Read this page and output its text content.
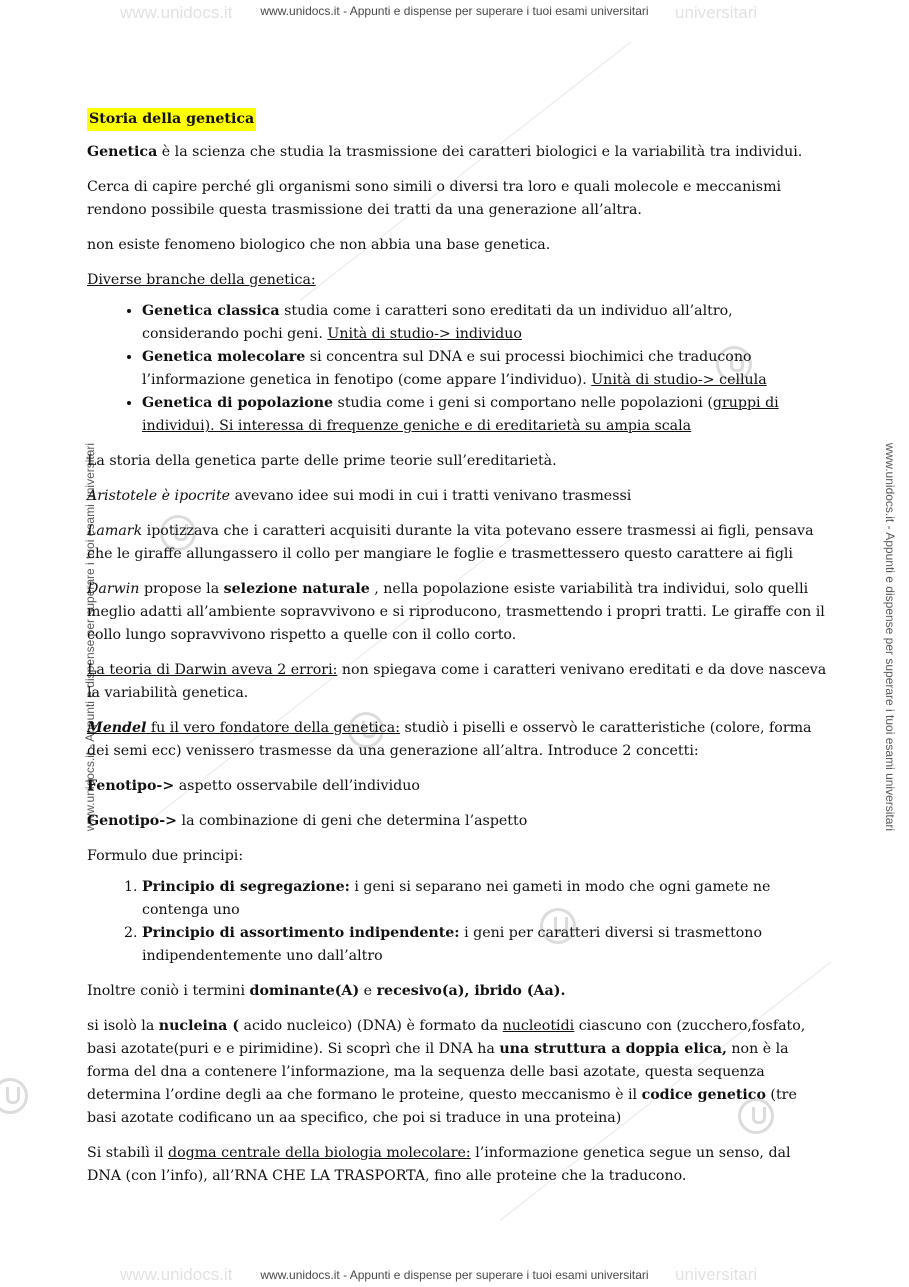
www.unidocs.it	universitari
www.unidocs.it - Appunti e dispense per superare i tuoi esami universitari
www.unidocs.it	universitari
www.unidocs.it - Appunti e dispense per superare i tuoi esami universitari
www.unidocs.it - Appunti e dispense per superare i tuoi esami universitari	www.unidocs.it - Appunti e dispense per superare i tuoi esami universitari

Storia della genetica

Genetica è la scienza che studia la trasmissione dei caratteri biologici e la variabilità tra individui.

Cerca di capire perché gli organismi sono simili o diversi tra loro e quali molecole e meccanismi rendono possibile questa trasmissione dei tratti da una generazione all’altra.

non esiste fenomeno biologico che non abbia una base genetica.

Diverse branche della genetica:

• Genetica classica studia come i caratteri sono ereditati da un individuo all’altro, considerando pochi geni. Unità di studio-> individuo
• Genetica molecolare si concentra sul DNA e sui processi biochimici che traducono l’informazione genetica in fenotipo (come appare l’individuo). Unità di studio-> cellula
• Genetica di popolazione studia come i geni si comportano nelle popolazioni (gruppi di individui). Si interessa di frequenze geniche e di ereditarietà su ampia scala

La storia della genetica parte delle prime teorie sull’ereditarietà.

Aristotele è ipocrite avevano idee sui modi in cui i tratti venivano trasmessi

Lamark ipotizzava che i caratteri acquisiti durante la vita potevano essere trasmessi ai figli, pensava che le giraffe allungassero il collo per mangiare le foglie e trasmettessero questo carattere ai figli

Darwin propose la selezione naturale , nella popolazione esiste variabilità tra individui, solo quelli meglio adatti all’ambiente sopravvivono e si riproducono, trasmettendo i propri tratti. Le giraffe con il collo lungo sopravvivono rispetto a quelle con il collo corto.

La teoria di Darwin aveva 2 errori: non spiegava come i caratteri venivano ereditati e da dove nasceva la variabilità genetica.

Mendel fu il vero fondatore della genetica: studiò i piselli e osservò le caratteristiche (colore, forma dei semi ecc) venissero trasmesse da una generazione all’altra. Introduce 2 concetti:

Fenotipo-> aspetto osservabile dell’individuo

Genotipo-> la combinazione di geni che determina l’aspetto

Formulo due principi:

1. Principio di segregazione: i geni si separano nei gameti in modo che ogni gamete ne contenga uno
2. Principio di assortimento indipendente: i geni per caratteri diversi si trasmettono indipendentemente uno dall’altro

Inoltre coniò i termini dominante(A) e recesivo(a), ibrido (Aa).

si isolò la nucleina ( acido nucleico) (DNA) è formato da nucleotidi ciascuno con (zucchero,fosfato, basi azotate(puri e e pirimidine). Si scoprì che il DNA ha una struttura a doppia elica, non è la forma del dna a contenere l’informazione, ma la sequenza delle basi azotate, questa sequenza determina l’ordine degli aa che formano le proteine, questo meccanismo è il codice genetico (tre basi azotate codificano un aa specifico, che poi si traduce in una proteina)

Si stabilì il dogma centrale della biologia molecolare: l’informazione genetica segue un senso, dal DNA (con l’info), all’RNA CHE LA TRASPORTA, fino alle proteine che la traducono.
